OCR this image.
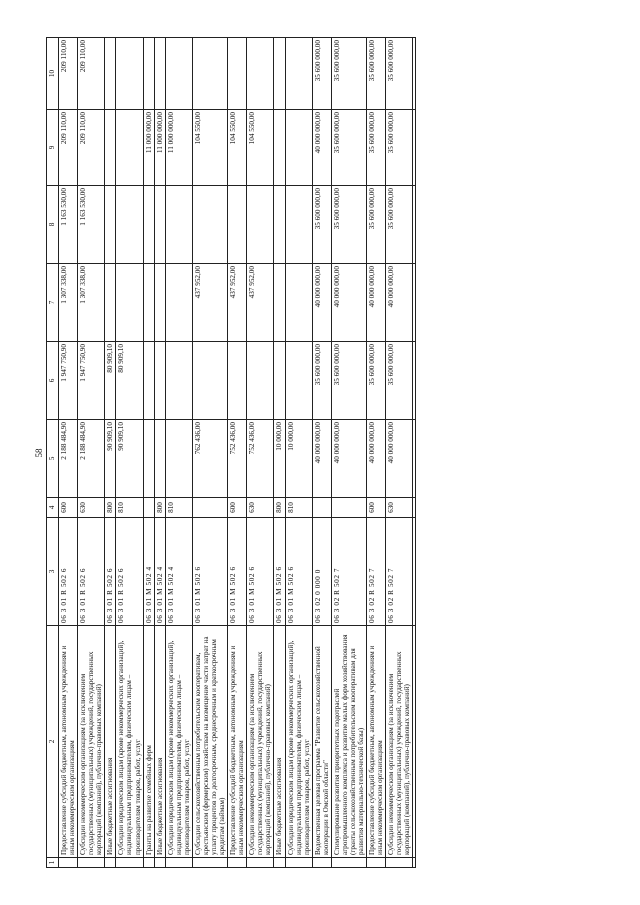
58
1	2	3	4	5	6	7	8	9	10
	Предоставление субсидий бюджетным, автономным учреждениям и иным некоммерческим организациям	06 3 01 R 502 6	600	2 188 484,90	1 947 750,90	1 307 338,00	1 163 530,00	209 110,00	209 110,00
	Субсидии некоммерческим организациям (за исключением государственных (муниципальных) учреждений, государственных корпораций (компаний), публично-правовых компаний)	06 3 01 R 502 6	630	2 188 484,90	1 947 750,90	1 307 338,00	1 163 530,00	209 110,00	209 110,00
	Иные бюджетные ассигнования	06 3 01 R 502 6	800	90 909,10	80 909,10				
	Субсидии юридическим лицам (кроме некоммерческих организаций), индивидуальным предпринимателям, физическим лицам – производителям товаров, работ, услуг	06 3 01 R 502 6	810	90 909,10	80 909,10				
	Гранты на развитие семейных ферм	06 3 01 M 502 4						11 000 000,00	
	Иные бюджетные ассигнования	06 3 01 M 502 4	800					11 000 000,00	
	Субсидии юридическим лицам (кроме некоммерческих организаций), индивидуальным предпринимателям, физическим лицам – производителям товаров, работ, услуг	06 3 01 M 502 4	810					11 000 000,00	
	Субсидии сельскохозяйственным потребительским кооперативам, крестьянским (фермерским) хозяйствам на возмещение части затрат на уплату процентов по долгосрочным, среднесрочным и краткосрочным кредитам (займам)	06 3 01 M 502 6		762 436,00		437 952,00		104 550,00	
	Предоставление субсидий бюджетным, автономным учреждениям и иным некоммерческим организациям	06 3 01 M 502 6	600	752 436,00		437 952,00		104 550,00	
	Субсидии некоммерческим организациям (за исключением государственных (муниципальных) учреждений, государственных корпораций (компаний), публично-правовых компаний)	06 3 01 M 502 6	630	752 436,00		437 952,00		104 550,00	
	Иные бюджетные ассигнования	06 3 01 M 502 6	800	10 000,00					
	Субсидии юридическим лицам (кроме некоммерческих организаций), индивидуальным предпринимателям, физическим лицам – производителям товаров, работ, услуг	06 3 01 M 502 6	810	10 000,00					
	Ведомственная целевая программа "Развитие сельскохозяйственной кооперации в Омской области"	06 3 02 0 000 0		40 000 000,00	35 600 000,00	40 000 000,00	35 600 000,00	40 000 000,00	35 600 000,00
	Стимулирование развития приоритетных подотраслей агропромышленного комплекса и развитие малых форм хозяйствования (гранты сельскохозяйственным потребительским кооперативам для развития материально-технической базы)	06 3 02 R 502 7		40 000 000,00	35 600 000,00	40 000 000,00	35 600 000,00	35 600 000,00	35 600 000,00
	Предоставление субсидий бюджетным, автономным учреждениям и иным некоммерческим организациям	06 3 02 R 502 7	600	40 000 000,00	35 600 000,00	40 000 000,00	35 600 000,00	35 600 000,00	35 600 000,00
	Субсидии некоммерческим организациям (за исключением государственных (муниципальных) учреждений, государственных корпораций (компаний), публично-правовых компаний)	06 3 02 R 502 7	630	40 000 000,00	35 600 000,00	40 000 000,00	35 600 000,00	35 600 000,00	35 600 000,00
